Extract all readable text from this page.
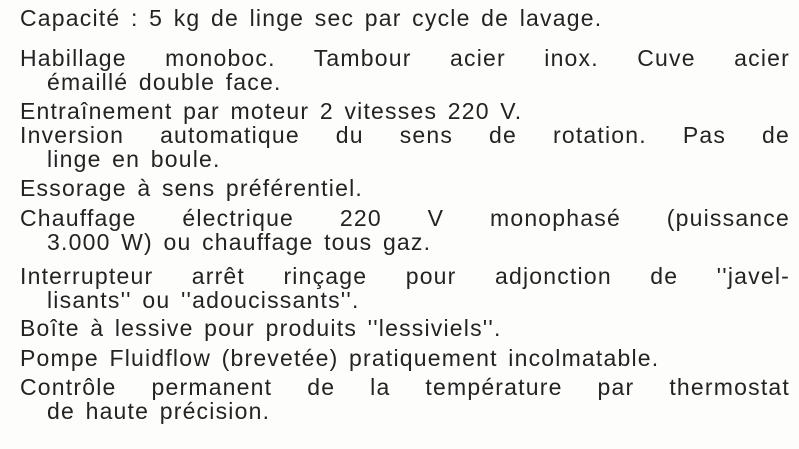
Capacité : 5 kg de linge sec par cycle de lavage.

Habillage monoboc. Tambour acier inox. Cuve acier
émaillé double face.

Entraînement par moteur 2 vitesses 220 V.

Inversion automatique du sens de rotation. Pas de
linge en boule.

Essorage à sens préférentiel.

Chauffage électrique 220 V monophasé (puissance
3.000 W) ou chauffage tous gaz.

Interrupteur arrêt rinçage pour adjonction de ''javel-
lisants'' ou ''adoucissants''.

Boîte à lessive pour produits ''lessiviels''.

Pompe Fluidflow (brevetée) pratiquement incolmatable.

Contrôle permanent de la température par thermostat
de haute précision.
